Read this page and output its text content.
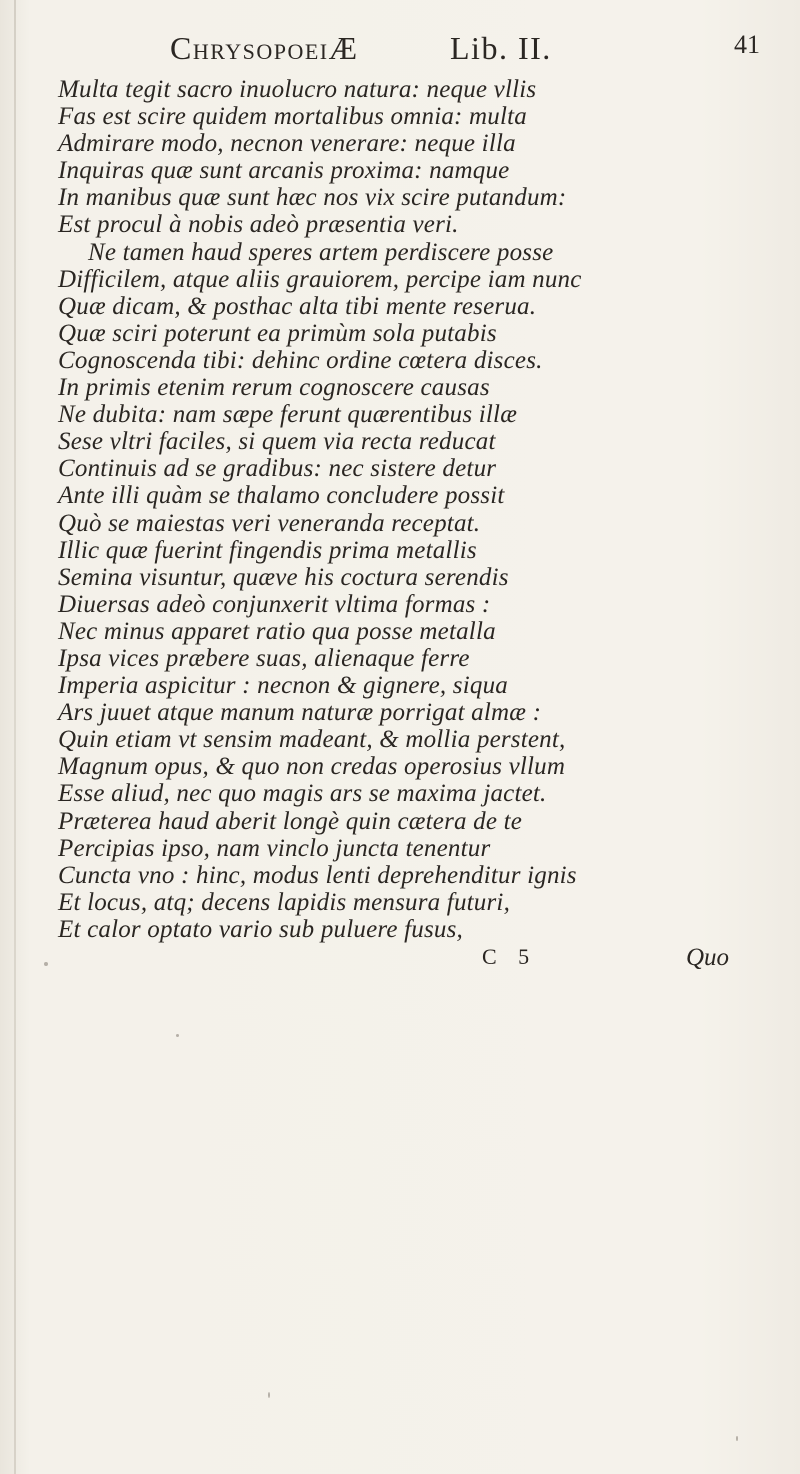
ChrysopoeiÆ	Lib. II.	41
Multa tegit sacro inuolucro natura: neque vllis
Fas est scire quidem mortalibus omnia: multa
Admirare modo, necnon venerare: neque illa
Inquiras quæ sunt arcanis proxima: namque
In manibus quæ sunt hæc nos vix scire putandum:
Est procul à nobis adeò præsentia veri.
Ne tamen haud speres artem perdiscere posse
Difficilem, atque aliis grauiorem, percipe iam nunc
Quæ dicam, & posthac alta tibi mente reserua.
Quæ sciri poterunt ea primùm sola putabis
Cognoscenda tibi: dehinc ordine cœtera disces.
In primis etenim rerum cognoscere causas
Ne dubita: nam sæpe ferunt quærentibus illæ
Sese vltri faciles, si quem via recta reducat
Continuis ad se gradibus: nec sistere detur
Ante illi quàm se thalamo concludere possit
Quò se maiestas veri veneranda receptat.
Illic quæ fuerint fingendis prima metallis
Semina visuntur, quæve his coctura serendis
Diuersas adeò conjunxerit vltima formas :
Nec minus apparet ratio qua posse metalla
Ipsa vices præbere suas, alienaque ferre
Imperia aspicitur : necnon & gignere, siqua
Ars juuet atque manum naturæ porrigat almæ :
Quin etiam vt sensim madeant, & mollia perstent,
Magnum opus, & quo non credas operosius vllum
Esse aliud, nec quo magis ars se maxima jactet.
Præterea haud aberit longè quin cætera de te
Percipias ipso, nam vinclo juncta tenentur
Cuncta vno : hinc, modus lenti deprehenditur ignis
Et locus, atq; decens lapidis mensura futuri,
Et calor optato vario sub puluere fusus,
C 5	Quo
